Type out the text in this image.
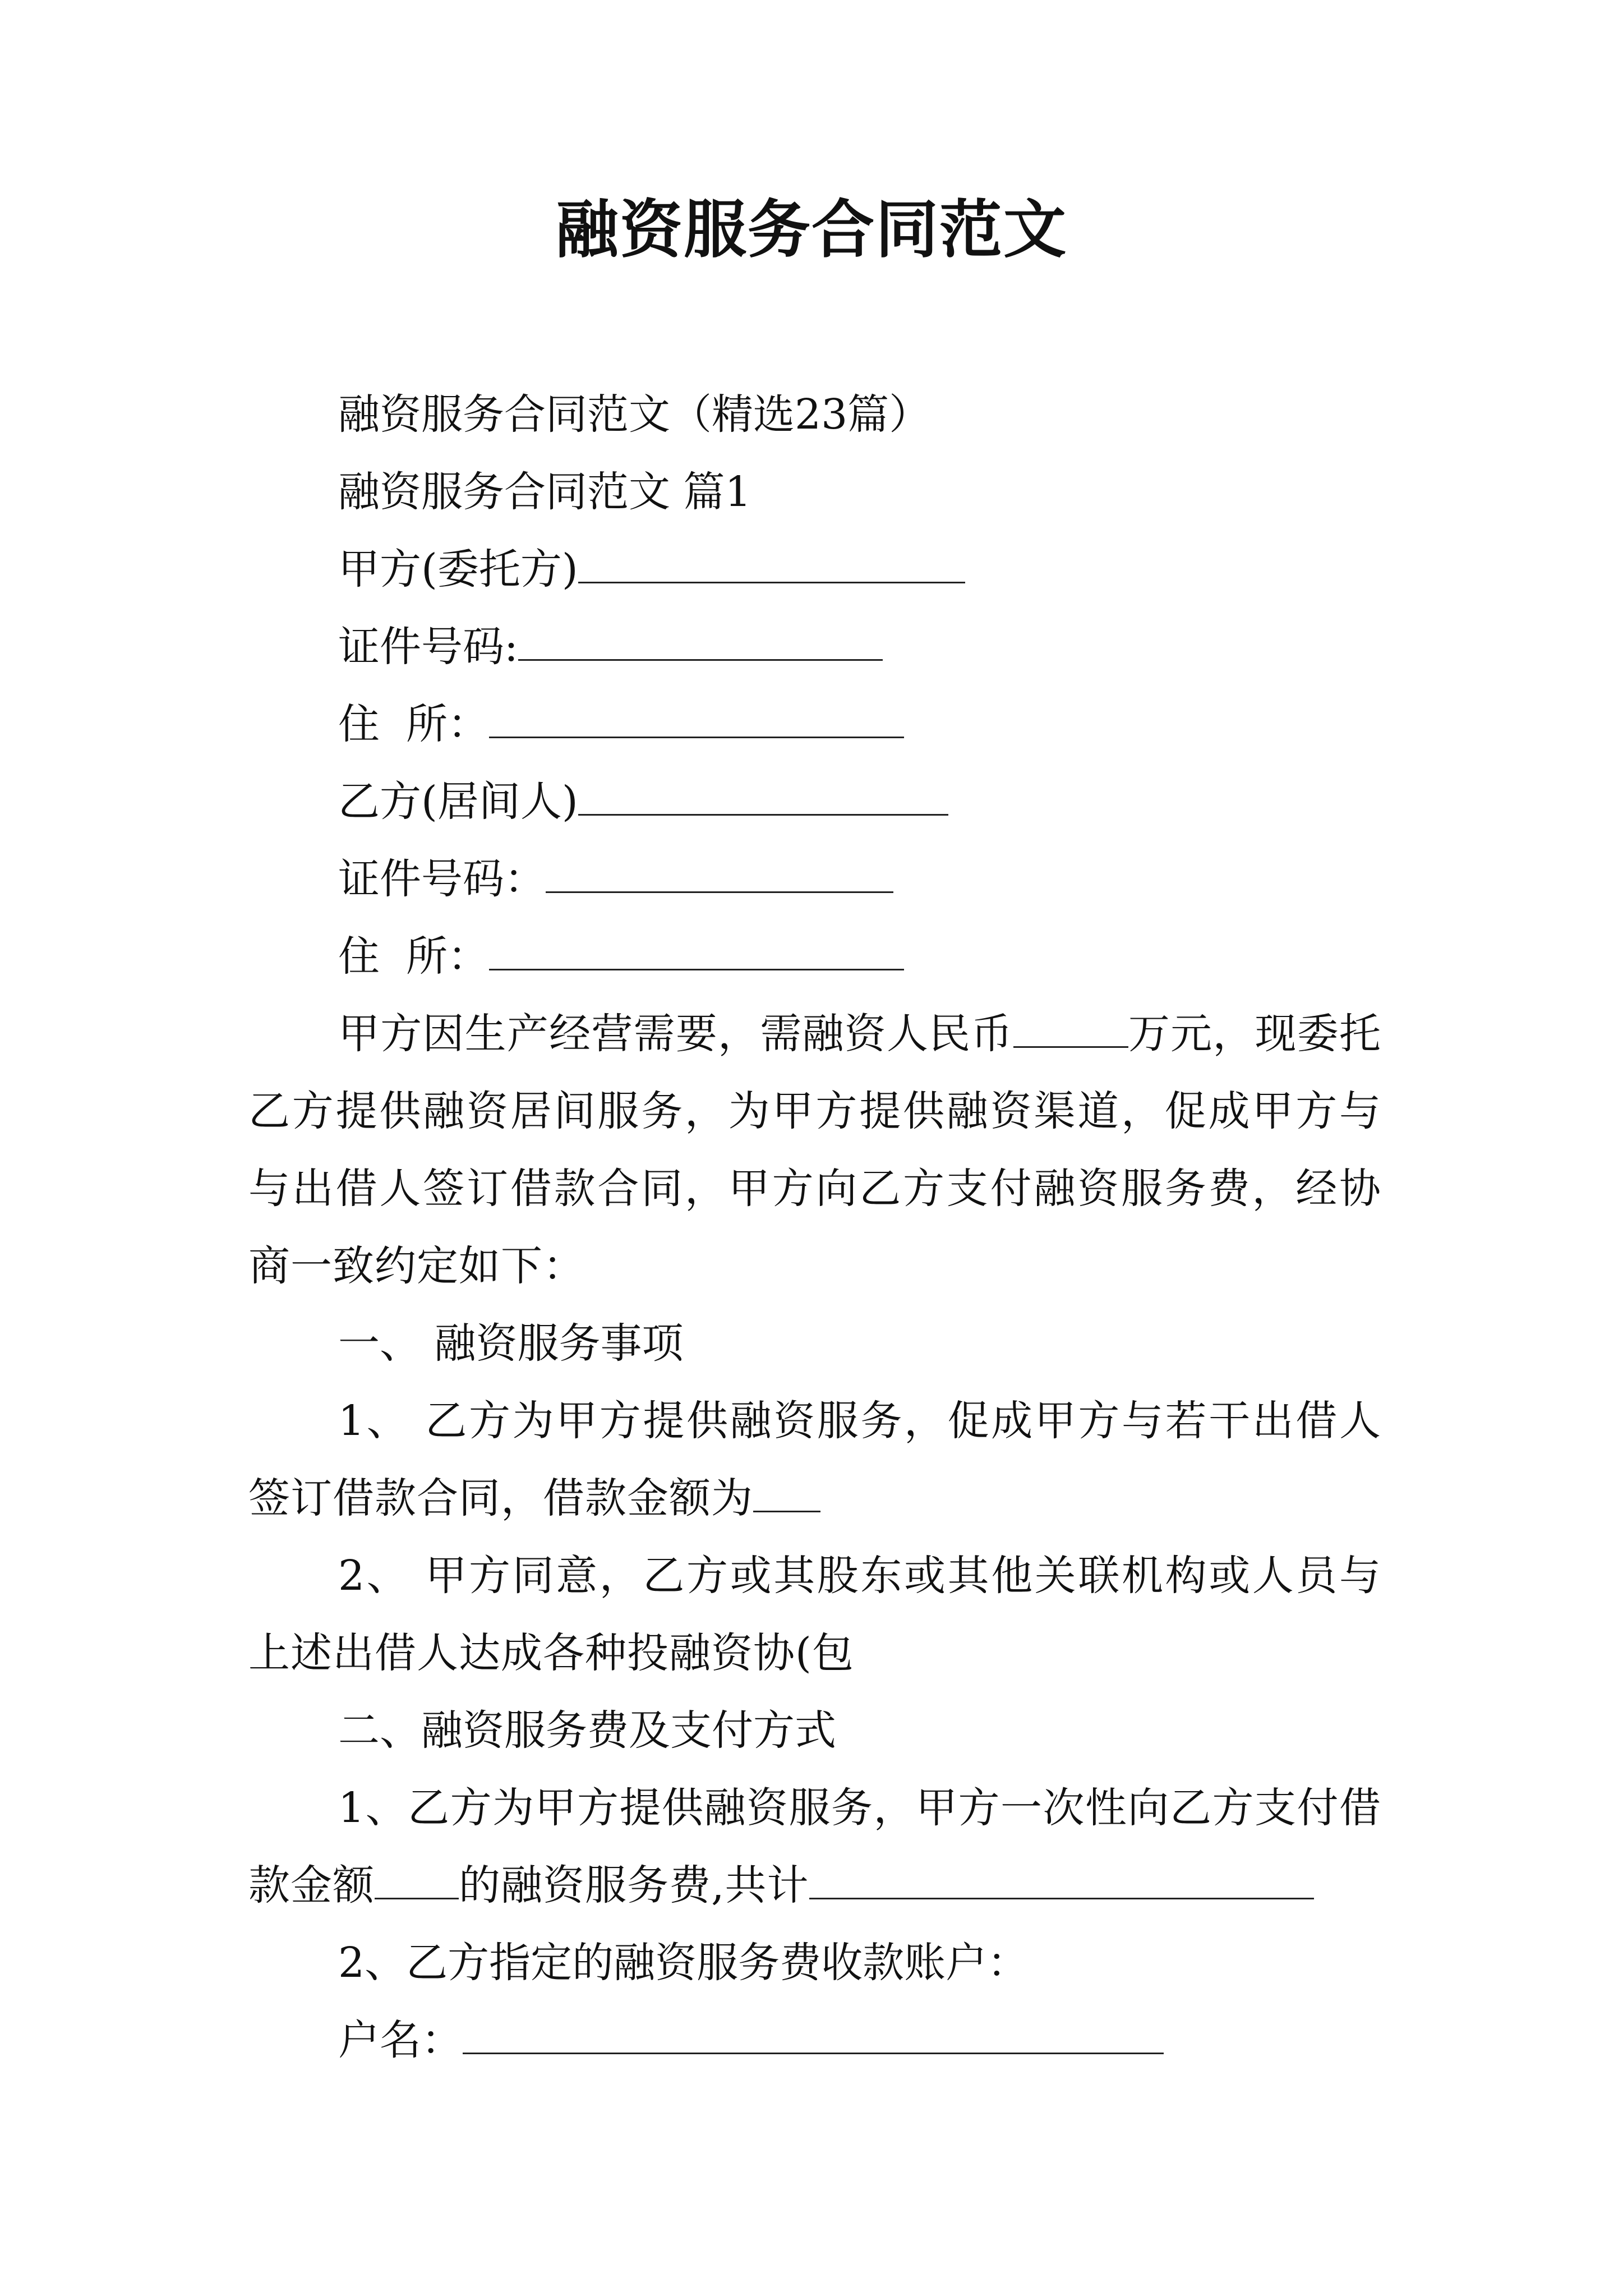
融资服务合同范文

融资服务合同范文（精选23篇）

融资服务合同范文 篇1

甲方(委托方)

证件号码:

住  所：

乙方(居间人)

证件号码：

住  所：

甲方因生产经营需要，需融资人民币	万元，现委托乙方提供融资居间服务，为甲方提供融资渠道，促成甲方与与出借人签订借款合同，甲方向乙方支付融资服务费，经协商一致约定如下：

一、 融资服务事项

1、 乙方为甲方提供融资服务，促成甲方与若干出借人签订借款合同，借款金额为

2、 甲方同意，乙方或其股东或其他关联机构或人员与上述出借人达成各种投融资协(包

二、融资服务费及支付方式

1、乙方为甲方提供融资服务，甲方一次性向乙方支付借款金额 的融资服务费,共计

2、乙方指定的融资服务费收款账户：

户名：
